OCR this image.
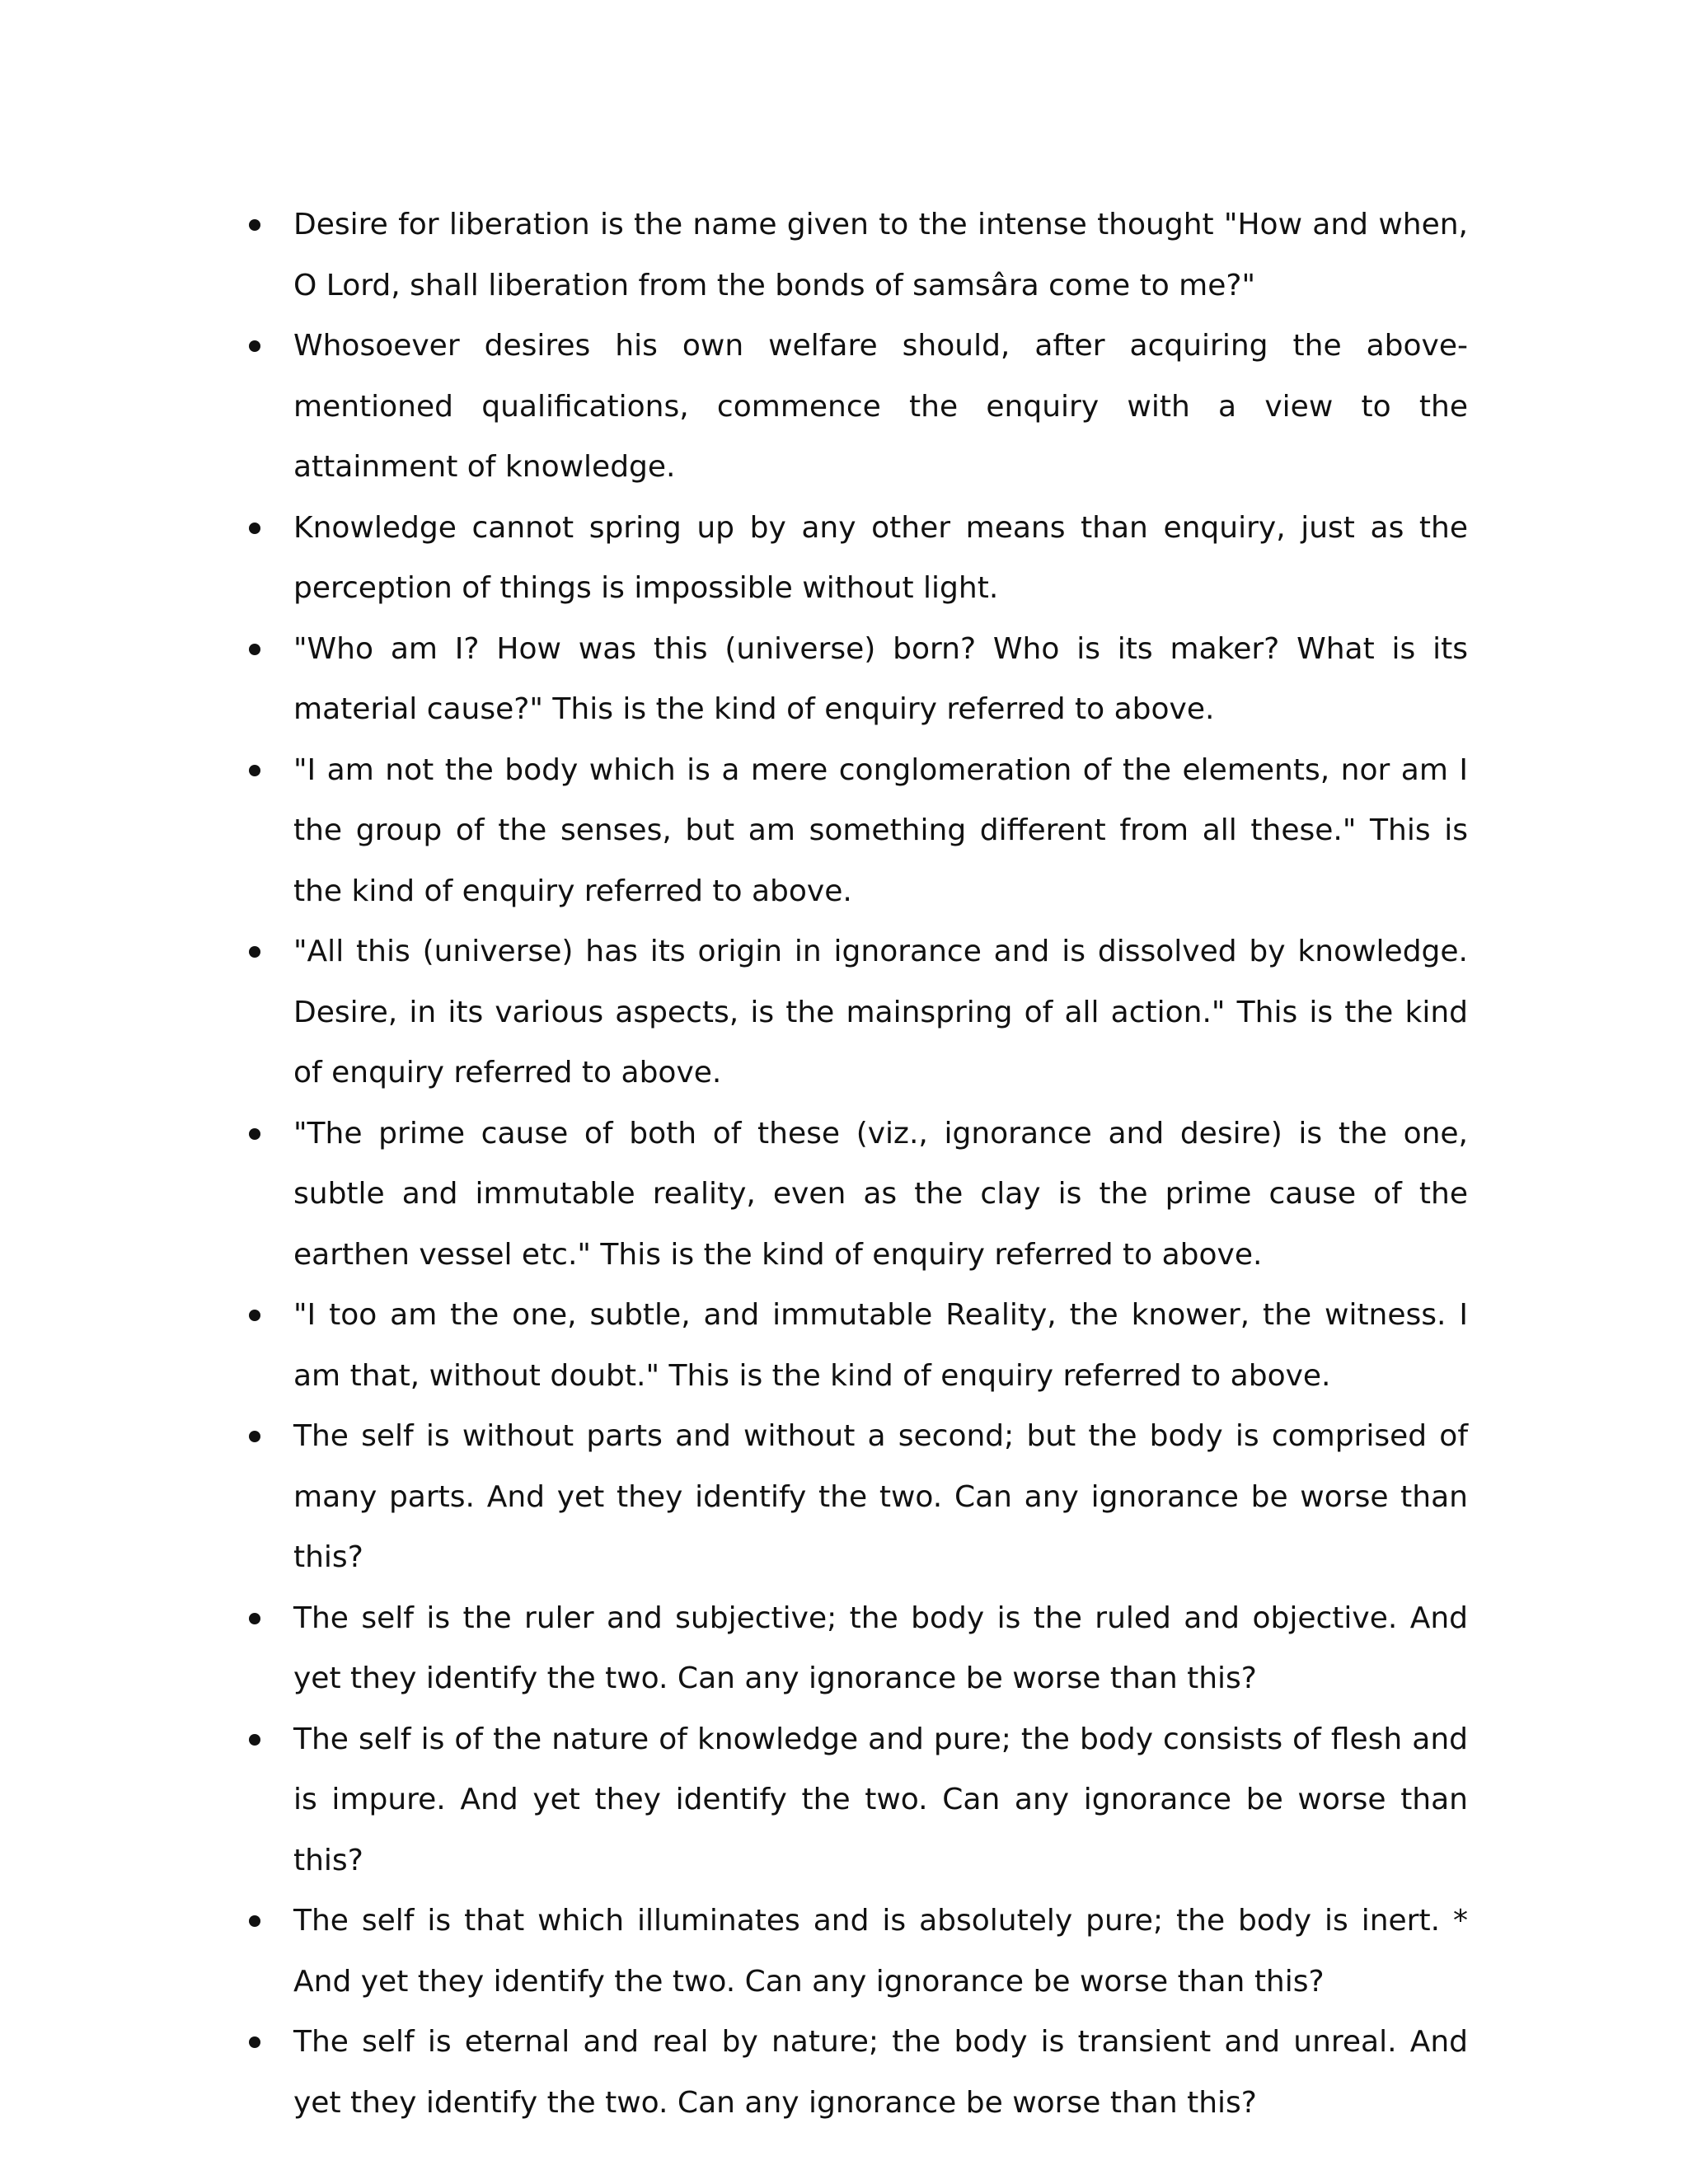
Desire for liberation is the name given to the intense thought "How and when, O Lord, shall liberation from the bonds of samsâra come to me?"
Whosoever desires his own welfare should, after acquiring the above-mentioned qualifications, commence the enquiry with a view to the attainment of knowledge.
Knowledge cannot spring up by any other means than enquiry, just as the perception of things is impossible without light.
"Who am I? How was this (universe) born? Who is its maker? What is its material cause?" This is the kind of enquiry referred to above.
"I am not the body which is a mere conglomeration of the elements, nor am I the group of the senses, but am something different from all these." This is the kind of enquiry referred to above.
"All this (universe) has its origin in ignorance and is dissolved by knowledge. Desire, in its various aspects, is the mainspring of all action." This is the kind of enquiry referred to above.
"The prime cause of both of these (viz., ignorance and desire) is the one, subtle and immutable reality, even as the clay is the prime cause of the earthen vessel etc." This is the kind of enquiry referred to above.
"I too am the one, subtle, and immutable Reality, the knower, the witness. I am that, without doubt." This is the kind of enquiry referred to above.
The self is without parts and without a second; but the body is comprised of many parts. And yet they identify the two. Can any ignorance be worse than this?
The self is the ruler and subjective; the body is the ruled and objective. And yet they identify the two. Can any ignorance be worse than this?
The self is of the nature of knowledge and pure; the body consists of flesh and is impure. And yet they identify the two. Can any ignorance be worse than this?
The self is that which illuminates and is absolutely pure; the body is inert. * And yet they identify the two. Can any ignorance be worse than this?
The self is eternal and real by nature; the body is transient and unreal. And yet they identify the two. Can any ignorance be worse than this?
